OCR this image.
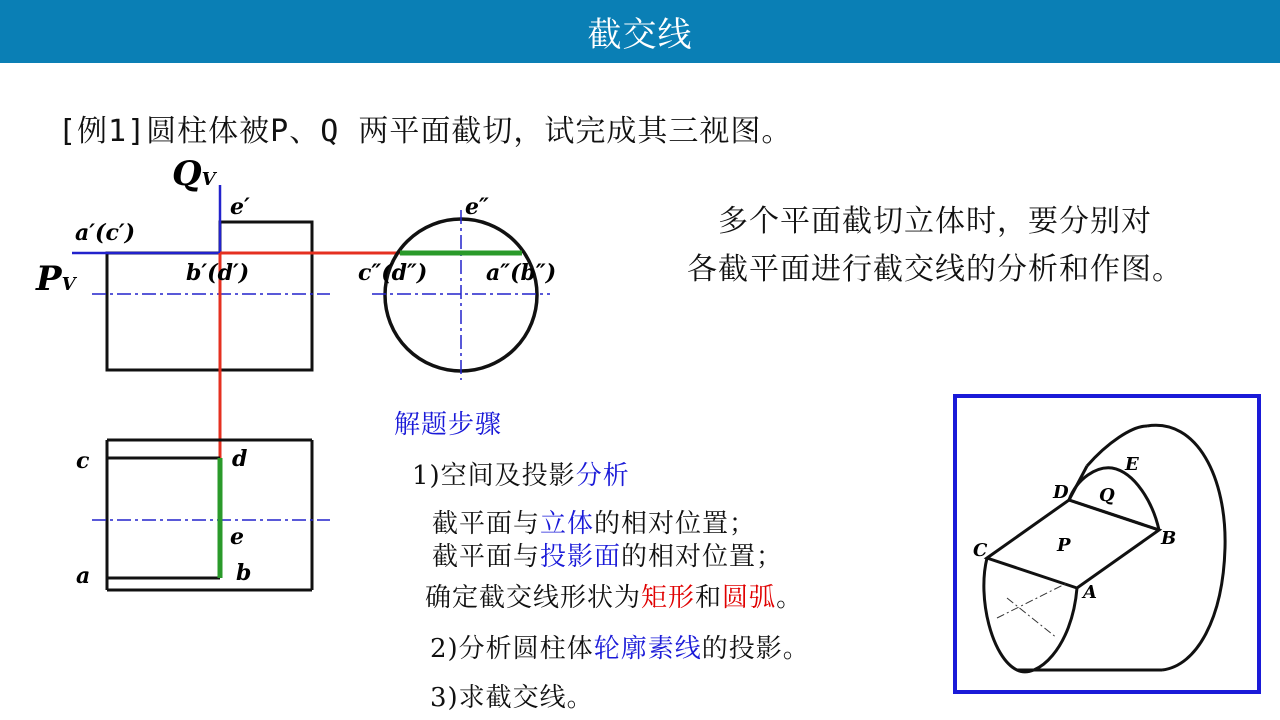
截交线
[例1]圆柱体被P、Q 两平面截切，试完成其三视图。
QV
PV
e′
a′(c′)
b′(d′)
e″
c″(d″)	a″(b″)
c	d
e
a	b
多个平面截切立体时，要分别对
各截平面进行截交线的分析和作图。
解题步骤
1)空间及投影分析
截平面与立体的相对位置；
截平面与投影面的相对位置；
确定截交线形状为矩形和圆弧。
2)分析圆柱体轮廓素线的投影。
3)求截交线。
E
D Q
C	P	B
A
